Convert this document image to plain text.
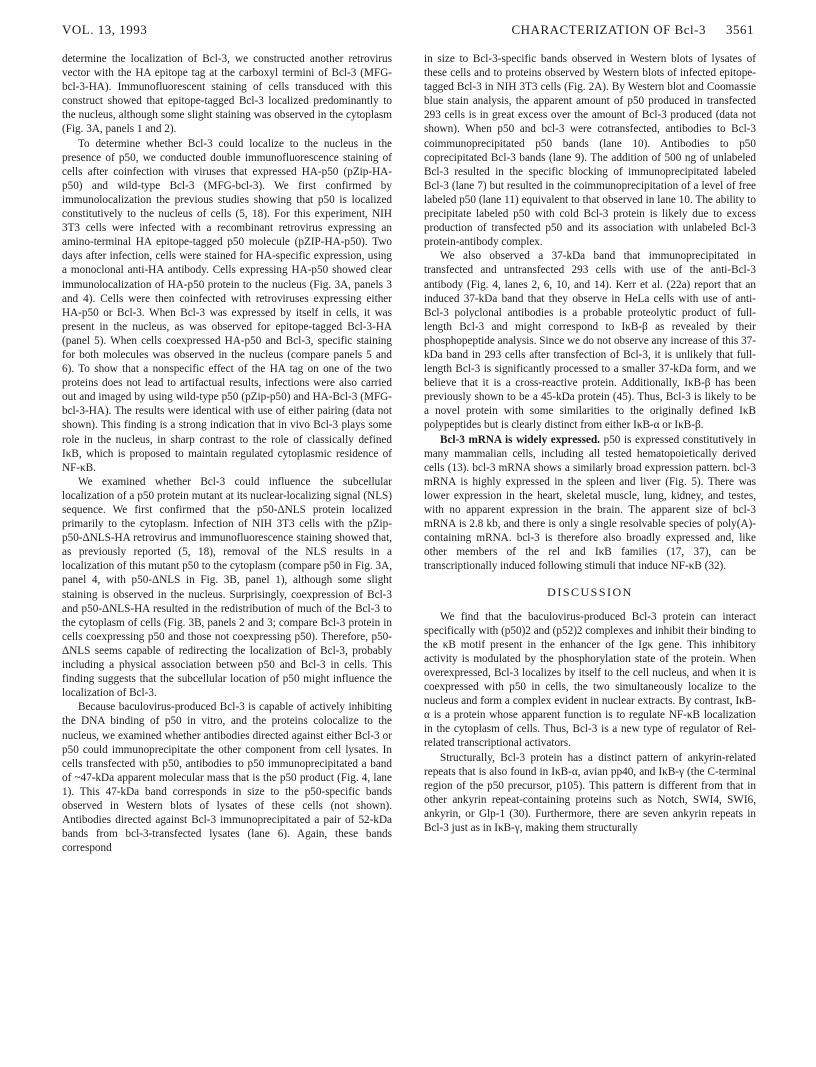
VOL. 13, 1993	CHARACTERIZATION OF Bcl-3 3561

determine the localization of Bcl-3, we constructed another retrovirus vector with the HA epitope tag at the carboxyl termini of Bcl-3 (MFG-bcl-3-HA). Immunofluorescent staining of cells transduced with this construct showed that epitope-tagged Bcl-3 localized predominantly to the nucleus, although some slight staining was observed in the cytoplasm (Fig. 3A, panels 1 and 2).

To determine whether Bcl-3 could localize to the nucleus in the presence of p50, we conducted double immunofluorescence staining of cells after coinfection with viruses that expressed HA-p50 (pZip-HA-p50) and wild-type Bcl-3 (MFG-bcl-3). We first confirmed by immunolocalization the previous studies showing that p50 is localized constitutively to the nucleus of cells (5, 18). For this experiment, NIH 3T3 cells were infected with a recombinant retrovirus expressing an amino-terminal HA epitope-tagged p50 molecule (pZIP-HA-p50). Two days after infection, cells were stained for HA-specific expression, using a monoclonal anti-HA antibody. Cells expressing HA-p50 showed clear immunolocalization of HA-p50 protein to the nucleus (Fig. 3A, panels 3 and 4). Cells were then coinfected with retroviruses expressing either HA-p50 or Bcl-3. When Bcl-3 was expressed by itself in cells, it was present in the nucleus, as was observed for epitope-tagged Bcl-3-HA (panel 5). When cells coexpressed HA-p50 and Bcl-3, specific staining for both molecules was observed in the nucleus (compare panels 5 and 6). To show that a nonspecific effect of the HA tag on one of the two proteins does not lead to artifactual results, infections were also carried out and imaged by using wild-type p50 (pZip-p50) and HA-Bcl-3 (MFG-bcl-3-HA). The results were identical with use of either pairing (data not shown). This finding is a strong indication that in vivo Bcl-3 plays some role in the nucleus, in sharp contrast to the role of classically defined IκB, which is proposed to maintain regulated cytoplasmic residence of NF-κB.

We examined whether Bcl-3 could influence the subcellular localization of a p50 protein mutant at its nuclear-localizing signal (NLS) sequence. We first confirmed that the p50-ΔNLS protein localized primarily to the cytoplasm. Infection of NIH 3T3 cells with the pZip-p50-ΔNLS-HA retrovirus and immunofluorescence staining showed that, as previously reported (5, 18), removal of the NLS results in a localization of this mutant p50 to the cytoplasm (compare p50 in Fig. 3A, panel 4, with p50-ΔNLS in Fig. 3B, panel 1), although some slight staining is observed in the nucleus. Surprisingly, coexpression of Bcl-3 and p50-ΔNLS-HA resulted in the redistribution of much of the Bcl-3 to the cytoplasm of cells (Fig. 3B, panels 2 and 3; compare Bcl-3 protein in cells coexpressing p50 and those not coexpressing p50). Therefore, p50-ΔNLS seems capable of redirecting the localization of Bcl-3, probably including a physical association between p50 and Bcl-3 in cells. This finding suggests that the subcellular location of p50 might influence the localization of Bcl-3.

Because baculovirus-produced Bcl-3 is capable of actively inhibiting the DNA binding of p50 in vitro, and the proteins colocalize to the nucleus, we examined whether antibodies directed against either Bcl-3 or p50 could immunoprecipitate the other component from cell lysates. In cells transfected with p50, antibodies to p50 immunoprecipitated a band of ~47-kDa apparent molecular mass that is the p50 product (Fig. 4, lane 1). This 47-kDa band corresponds in size to the p50-specific bands observed in Western blots of lysates of these cells (not shown). Antibodies directed against Bcl-3 immunoprecipitated a pair of 52-kDa bands from bcl-3-transfected lysates (lane 6). Again, these bands correspond

in size to Bcl-3-specific bands observed in Western blots of lysates of these cells and to proteins observed by Western blots of infected epitope-tagged Bcl-3 in NIH 3T3 cells (Fig. 2A). By Western blot and Coomassie blue stain analysis, the apparent amount of p50 produced in transfected 293 cells is in great excess over the amount of Bcl-3 produced (data not shown). When p50 and bcl-3 were cotransfected, antibodies to Bcl-3 coimmunoprecipitated p50 bands (lane 10). Antibodies to p50 coprecipitated Bcl-3 bands (lane 9). The addition of 500 ng of unlabeled Bcl-3 resulted in the specific blocking of immunoprecipitated labeled Bcl-3 (lane 7) but resulted in the coimmunoprecipitation of a level of free labeled p50 (lane 11) equivalent to that observed in lane 10. The ability to precipitate labeled p50 with cold Bcl-3 protein is likely due to excess production of transfected p50 and its association with unlabeled Bcl-3 protein-antibody complex.

We also observed a 37-kDa band that immunoprecipitated in transfected and untransfected 293 cells with use of the anti-Bcl-3 antibody (Fig. 4, lanes 2, 6, 10, and 14). Kerr et al. (22a) report that an induced 37-kDa band that they observe in HeLa cells with use of anti-Bcl-3 polyclonal antibodies is a probable proteolytic product of full-length Bcl-3 and might correspond to IκB-β as revealed by their phosphopeptide analysis. Since we do not observe any increase of this 37-kDa band in 293 cells after transfection of Bcl-3, it is unlikely that full-length Bcl-3 is significantly processed to a smaller 37-kDa form, and we believe that it is a cross-reactive protein. Additionally, IκB-β has been previously shown to be a 45-kDa protein (45). Thus, Bcl-3 is likely to be a novel protein with some similarities to the originally defined IκB polypeptides but is clearly distinct from either IκB-α or IκB-β.

Bcl-3 mRNA is widely expressed. p50 is expressed constitutively in many mammalian cells, including all tested hematopoietically derived cells (13). bcl-3 mRNA shows a similarly broad expression pattern. bcl-3 mRNA is highly expressed in the spleen and liver (Fig. 5). There was lower expression in the heart, skeletal muscle, lung, kidney, and testes, with no apparent expression in the brain. The apparent size of bcl-3 mRNA is 2.8 kb, and there is only a single resolvable species of poly(A)-containing mRNA. bcl-3 is therefore also broadly expressed and, like other members of the rel and IκB families (17, 37), can be transcriptionally induced following stimuli that induce NF-κB (32).

DISCUSSION

We find that the baculovirus-produced Bcl-3 protein can interact specifically with (p50)2 and (p52)2 complexes and inhibit their binding to the κB motif present in the enhancer of the Igκ gene. This inhibitory activity is modulated by the phosphorylation state of the protein. When overexpressed, Bcl-3 localizes by itself to the cell nucleus, and when it is coexpressed with p50 in cells, the two simultaneously localize to the nucleus and form a complex evident in nuclear extracts. By contrast, IκB-α is a protein whose apparent function is to regulate NF-κB localization in the cytoplasm of cells. Thus, Bcl-3 is a new type of regulator of Rel-related transcriptional activators.

Structurally, Bcl-3 protein has a distinct pattern of ankyrin-related repeats that is also found in IκB-α, avian pp40, and IκB-γ (the C-terminal region of the p50 precursor, p105). This pattern is different from that in other ankyrin repeat-containing proteins such as Notch, SWI4, SWI6, ankyrin, or Glp-1 (30). Furthermore, there are seven ankyrin repeats in Bcl-3 just as in IκB-γ, making them structurally
